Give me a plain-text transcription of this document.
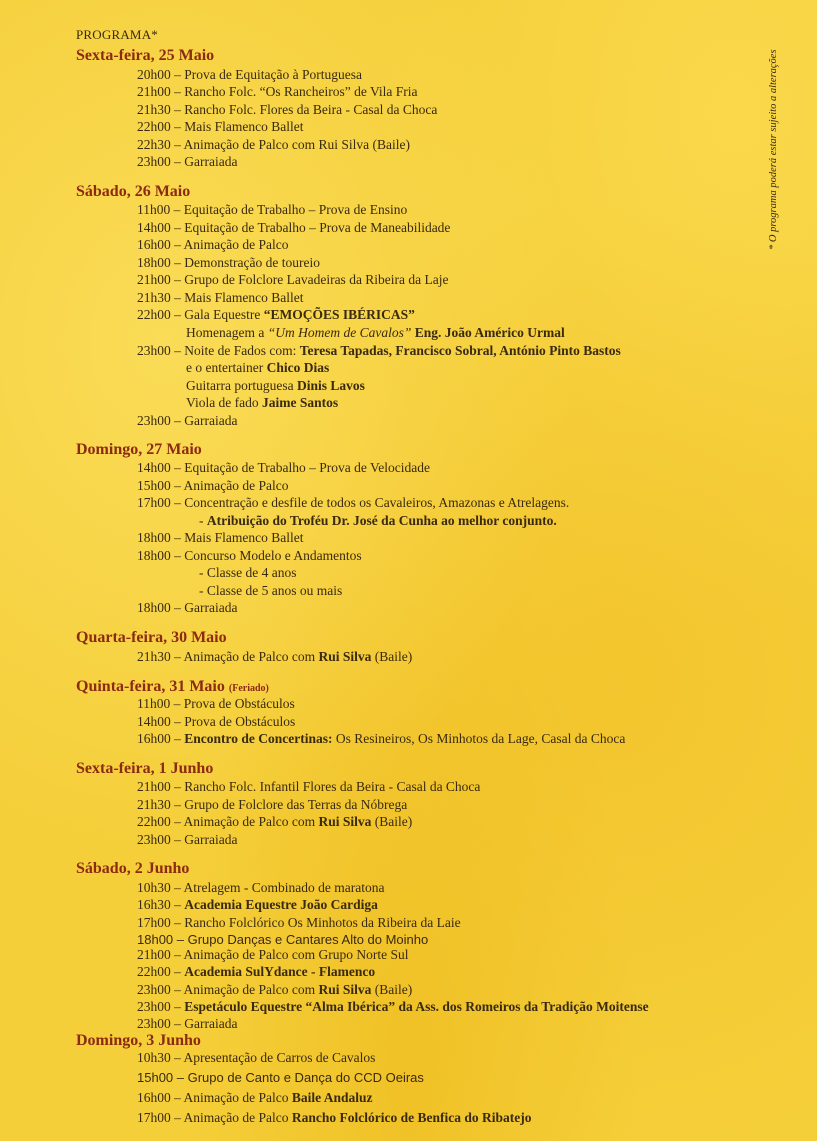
PROGRAMA*
* O programa poderá estar sujeito a alterações
Sexta-feira, 25 Maio
20h00 – Prova de Equitação à Portuguesa
21h00 – Rancho Folc. “Os Rancheiros” de Vila Fria
21h30 – Rancho Folc. Flores da Beira - Casal da Choca
22h00 – Mais Flamenco Ballet
22h30 – Animação de Palco com Rui Silva (Baile)
23h00 – Garraiada
Sábado, 26 Maio
11h00 – Equitação de Trabalho – Prova de Ensino
14h00 – Equitação de Trabalho – Prova de Maneabilidade
16h00 – Animação de Palco
18h00 – Demonstração de toureio
21h00 – Grupo de Folclore Lavadeiras da Ribeira da Laje
21h30 – Mais Flamenco Ballet
22h00 – Gala Equestre “EMOÇÕES IBÉRICAS”
Homenagem a “Um Homem de Cavalos” Eng. João Américo Urmal
23h00 – Noite de Fados com: Teresa Tapadas, Francisco Sobral, António Pinto Bastos
e o entertainer Chico Dias
Guitarra portuguesa Dinis Lavos
Viola de fado Jaime Santos
23h00 – Garraiada
Domingo, 27 Maio
14h00 – Equitação de Trabalho – Prova de Velocidade
15h00 – Animação de Palco
17h00 – Concentração e desfile de todos os Cavaleiros, Amazonas e Atrelagens.
- Atribuição do Troféu Dr. José da Cunha ao melhor conjunto.
18h00 – Mais Flamenco Ballet
18h00 – Concurso Modelo e Andamentos
- Classe de 4 anos
- Classe de 5 anos ou mais
18h00 – Garraiada
Quarta-feira, 30 Maio
21h30 – Animação de Palco com Rui Silva (Baile)
Quinta-feira, 31 Maio (Feriado)
11h00 – Prova de Obstáculos
14h00 – Prova de Obstáculos
16h00 – Encontro de Concertinas: Os Resineiros, Os Minhotos da Lage, Casal da Choca
Sexta-feira, 1 Junho
21h00 – Rancho Folc. Infantil Flores da Beira - Casal da Choca
21h30 – Grupo de Folclore das Terras da Nóbrega
22h00 – Animação de Palco com Rui Silva (Baile)
23h00 – Garraiada
Sábado, 2 Junho
10h30 – Atrelagem - Combinado de maratona
16h30 – Academia Equestre João Cardiga
17h00 – Rancho Folclórico Os Minhotos da Ribeira da Laie
18h00 – Grupo Danças e Cantares Alto do Moinho
21h00 – Animação de Palco com Grupo Norte Sul
22h00 – Academia SulYdance - Flamenco
23h00 – Animação de Palco com Rui Silva (Baile)
23h00 – Espetáculo Equestre “Alma Ibérica” da Ass. dos Romeiros da Tradição Moitense
23h00 – Garraiada
Domingo, 3 Junho
10h30 – Apresentação de Carros de Cavalos
15h00 – Grupo de Canto e Dança do CCD Oeiras
16h00 – Animação de Palco Baile Andaluz
17h00 – Animação de Palco Rancho Folclórico de Benfica do Ribatejo
